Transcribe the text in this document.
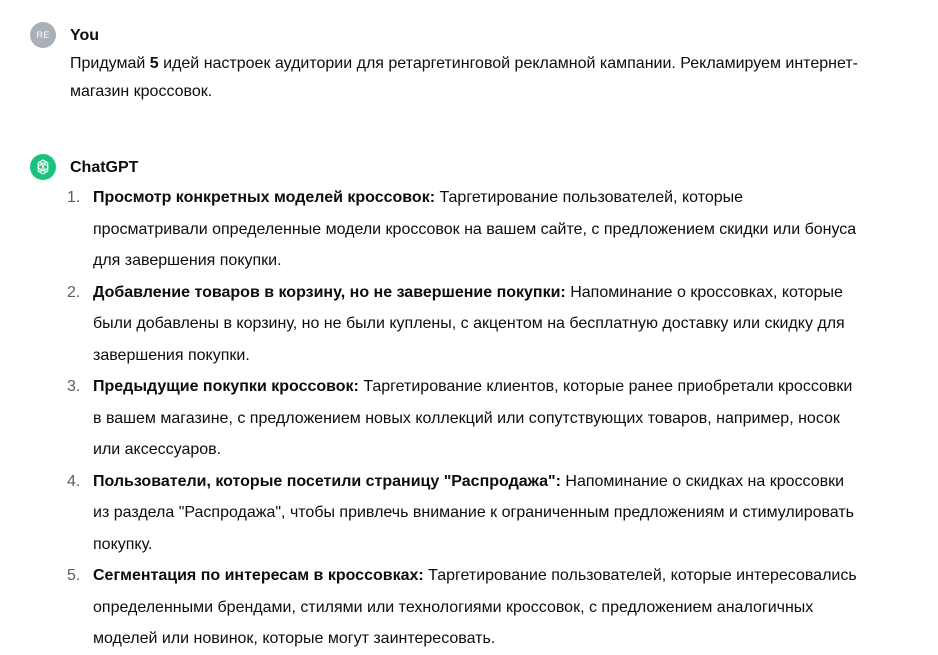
RE	You
Придумай 5 идей настроек аудитории для ретаргетинговой рекламной кампании. Рекламируем интернет-магазин кроссовок.
ChatGPT
1. Просмотр конкретных моделей кроссовок: Таргетирование пользователей, которые просматривали определенные модели кроссовок на вашем сайте, с предложением скидки или бонуса для завершения покупки.
2. Добавление товаров в корзину, но не завершение покупки: Напоминание о кроссовках, которые были добавлены в корзину, но не были куплены, с акцентом на бесплатную доставку или скидку для завершения покупки.
3. Предыдущие покупки кроссовок: Таргетирование клиентов, которые ранее приобретали кроссовки в вашем магазине, с предложением новых коллекций или сопутствующих товаров, например, носок или аксессуаров.
4. Пользователи, которые посетили страницу "Распродажа": Напоминание о скидках на кроссовки из раздела "Распродажа", чтобы привлечь внимание к ограниченным предложениям и стимулировать покупку.
5. Сегментация по интересам в кроссовках: Таргетирование пользователей, которые интересовались определенными брендами, стилями или технологиями кроссовок, с предложением аналогичных моделей или новинок, которые могут заинтересовать.
